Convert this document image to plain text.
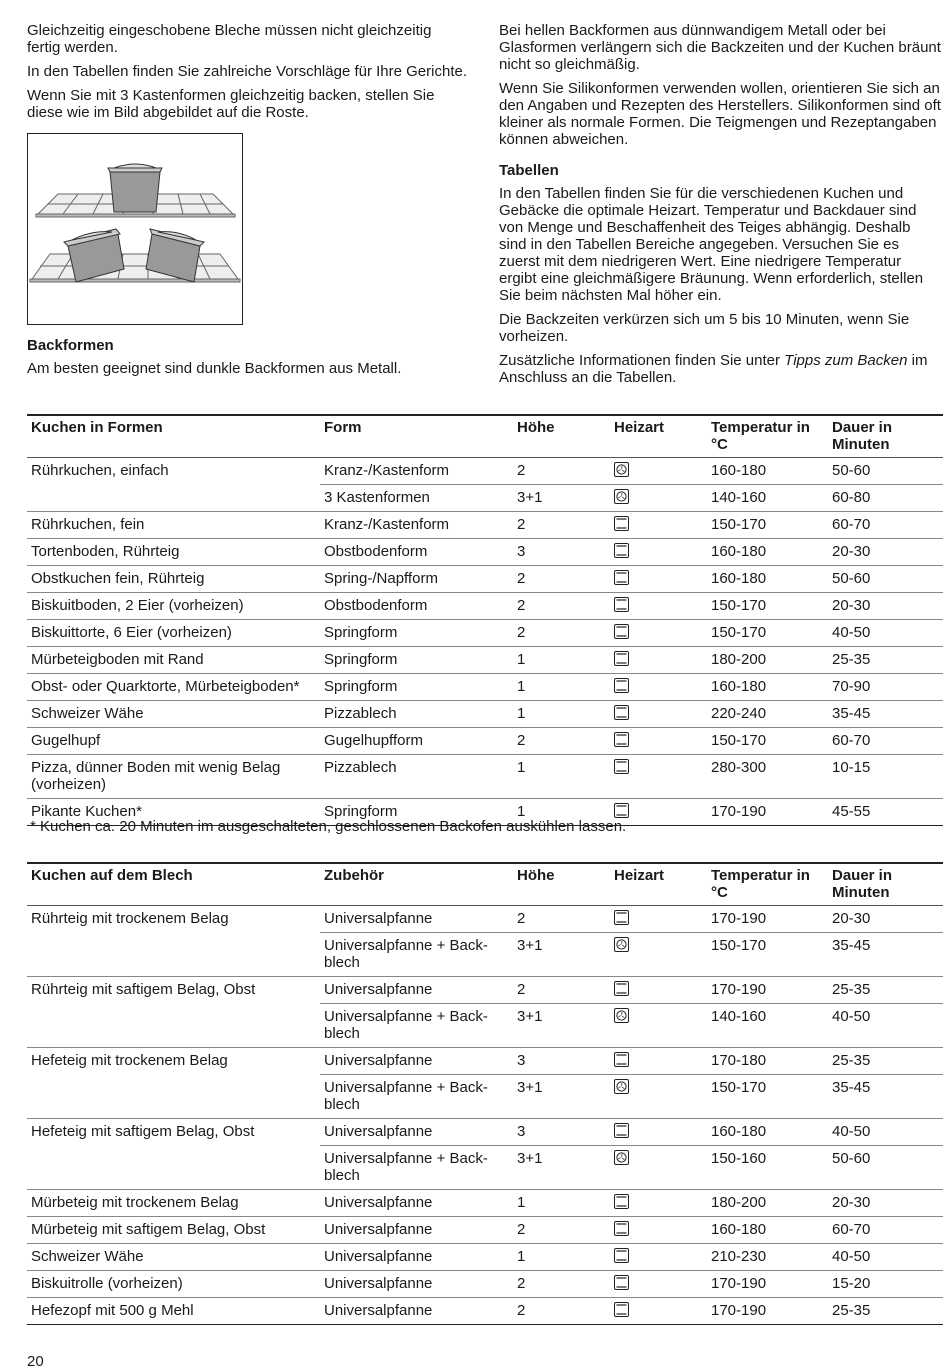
Gleichzeitig eingeschobene Bleche müssen nicht gleichzeitig fertig werden.

In den Tabellen finden Sie zahlreiche Vorschläge für Ihre Gerichte.

Wenn Sie mit 3 Kastenformen gleichzeitig backen, stellen Sie diese wie im Bild abgebildet auf die Roste.

Backformen

Am besten geeignet sind dunkle Backformen aus Metall.

Bei hellen Backformen aus dünnwandigem Metall oder bei Glasformen verlängern sich die Backzeiten und der Kuchen bräunt nicht so gleichmäßig.

Wenn Sie Silikonformen verwenden wollen, orientieren Sie sich an den Angaben und Rezepten des Herstellers. Silikonformen sind oft kleiner als normale Formen. Die Teigmengen und Rezeptangaben können abweichen.

Tabellen

In den Tabellen finden Sie für die verschiedenen Kuchen und Gebäcke die optimale Heizart. Temperatur und Backdauer sind von Menge und Beschaffenheit des Teiges abhängig. Deshalb sind in den Tabellen Bereiche angegeben. Versuchen Sie es zuerst mit dem niedrigeren Wert. Eine niedrigere Temperatur ergibt eine gleichmäßigere Bräunung. Wenn erforderlich, stellen Sie beim nächsten Mal höher ein.

Die Backzeiten verkürzen sich um 5 bis 10 Minuten, wenn Sie vorheizen.

Zusätzliche Informationen finden Sie unter Tipps zum Backen im Anschluss an die Tabellen.

Kuchen in Formen	Form	Höhe	Heizart	Temperatur in °C	Dauer in Minuten
Rührkuchen, einfach	Kranz-/Kastenform	2		160-180	50-60
	3 Kastenformen	3+1		140-160	60-80
Rührkuchen, fein	Kranz-/Kastenform	2		150-170	60-70
Tortenboden, Rührteig	Obstbodenform	3		160-180	20-30
Obstkuchen fein, Rührteig	Spring-/Napfform	2		160-180	50-60
Biskuitboden, 2 Eier (vorheizen)	Obstbodenform	2		150-170	20-30
Biskuittorte, 6 Eier (vorheizen)	Springform	2		150-170	40-50
Mürbeteigboden mit Rand	Springform	1		180-200	25-35
Obst- oder Quarktorte, Mürbeteigboden*	Springform	1		160-180	70-90
Schweizer Wähe	Pizzablech	1		220-240	35-45
Gugelhupf	Gugelhupfform	2		150-170	60-70
Pizza, dünner Boden mit wenig Belag (vorheizen)	Pizzablech	1		280-300	10-15
Pikante Kuchen*	Springform	1		170-190	45-55
* Kuchen ca. 20 Minuten im ausgeschalteten, geschlossenen Backofen auskühlen lassen.
Kuchen auf dem Blech	Zubehör	Höhe	Heizart	Temperatur in °C	Dauer in Minuten
Rührteig mit trockenem Belag	Universalpfanne	2		170-190	20-30
	Universalpfanne + Back-blech	3+1		150-170	35-45
Rührteig mit saftigem Belag, Obst	Universalpfanne	2		170-190	25-35
	Universalpfanne + Back-blech	3+1		140-160	40-50
Hefeteig mit trockenem Belag	Universalpfanne	3		170-180	25-35
	Universalpfanne + Back-blech	3+1		150-170	35-45
Hefeteig mit saftigem Belag, Obst	Universalpfanne	3		160-180	40-50
	Universalpfanne + Back-blech	3+1		150-160	50-60
Mürbeteig mit trockenem Belag	Universalpfanne	1		180-200	20-30
Mürbeteig mit saftigem Belag, Obst	Universalpfanne	2		160-180	60-70
Schweizer Wähe	Universalpfanne	1		210-230	40-50
Biskuitrolle (vorheizen)	Universalpfanne	2		170-190	15-20
Hefezopf mit 500 g Mehl	Universalpfanne	2		170-190	25-35
20
